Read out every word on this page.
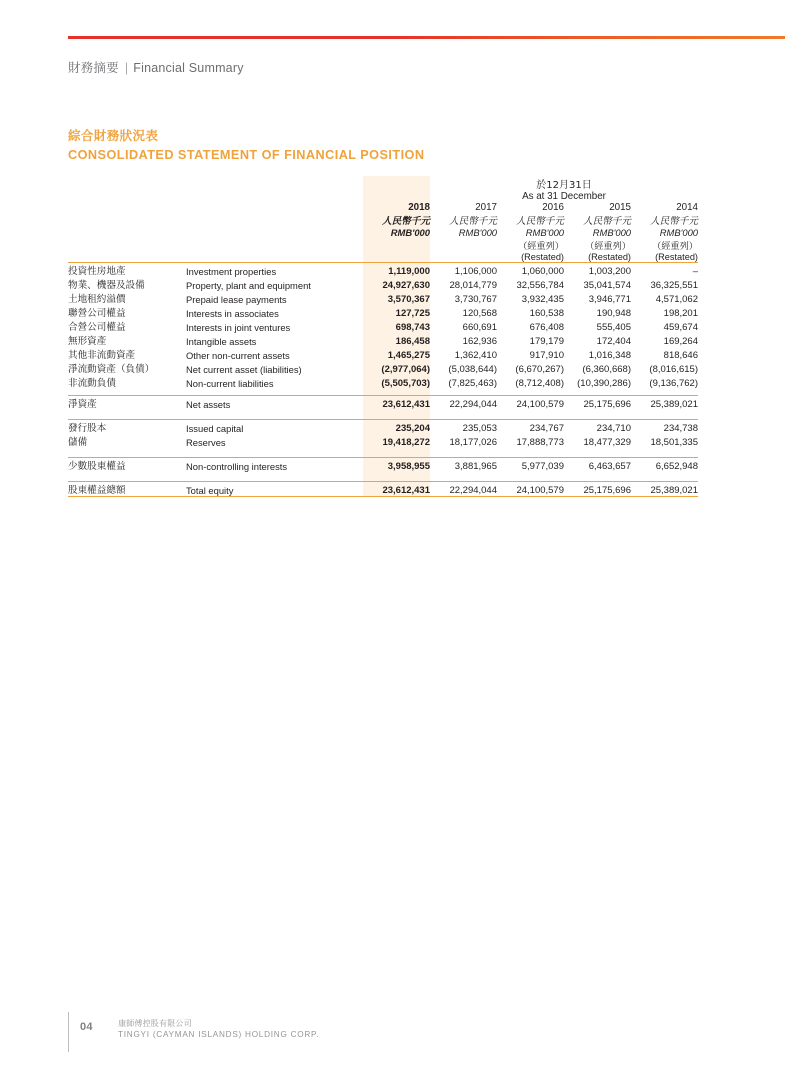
財務摘要 | Financial Summary
綜合財務狀況表
CONSOLIDATED STATEMENT OF FINANCIAL POSITION
			於12月31日			
			As at 31 December			
		2018	2017	2016	2015	2014
		人民幣千元	人民幣千元	人民幣千元	人民幣千元	人民幣千元
		RMB'000	RMB'000	RMB'000	RMB'000	RMB'000
				（經重列）	（經重列）	（經重列）
				(Restated)	(Restated)	(Restated)
投資性房地產	Investment properties	1,119,000	1,106,000	1,060,000	1,003,200	–
物業、機器及設備	Property, plant and equipment	24,927,630	28,014,779	32,556,784	35,041,574	36,325,551
土地租約溢價	Prepaid lease payments	3,570,367	3,730,767	3,932,435	3,946,771	4,571,062
聯營公司權益	Interests in associates	127,725	120,568	160,538	190,948	198,201
合營公司權益	Interests in joint ventures	698,743	660,691	676,408	555,405	459,674
無形資產	Intangible assets	186,458	162,936	179,179	172,404	169,264
其他非流動資產	Other non-current assets	1,465,275	1,362,410	917,910	1,016,348	818,646
淨流動資產（負債）	Net current asset (liabilities)	(2,977,064)	(5,038,644)	(6,670,267)	(6,360,668)	(8,016,615)
非流動負債	Non-current liabilities	(5,505,703)	(7,825,463)	(8,712,408)	(10,390,286)	(9,136,762)

淨資產	Net assets	23,612,431	22,294,044	24,100,579	25,175,696	25,389,021

發行股本	Issued capital	235,204	235,053	234,767	234,710	234,738
儲備	Reserves	19,418,272	18,177,026	17,888,773	18,477,329	18,501,335

少數股東權益	Non-controlling interests	3,958,955	3,881,965	5,977,039	6,463,657	6,652,948

股東權益總額	Total equity	23,612,431	22,294,044	24,100,579	25,175,696	25,389,021
04	康師傅控股有限公司
TINGYI (CAYMAN ISLANDS) HOLDING CORP.
